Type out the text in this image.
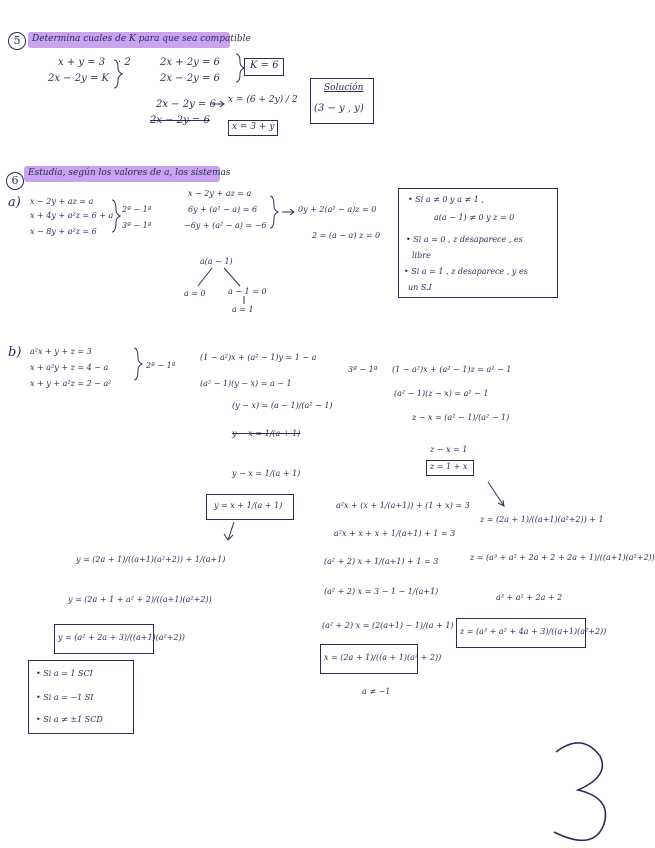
5	Determina cuales de K para que sea compatible
x + y = 3 · 2
2x − 2y = K
2x + 2y = 6
2x − 2y = 6
K = 6
Solución
(3 − y , y)
2x − 2y = 6
2x − 2y = 6
x = (6 + 2y) / 2
x = 3 + y
6
Estudia, según los valores de a, los sistemas
a) x − 2y + az = a
x + 4y + a²z = 6 + a
x − 8y + a²z = 6
2ª − 1ª
3ª − 1ª
x − 2y + az = a
6y + (a² − a) = 6
−6y + (a² − a) = −6
0y + 2(a² − a)z = 0
2 = (a − a) z = 0
a(a − 1)
a = 0	a − 1 = 0
a = 1
• Si a ≠ 0 y a ≠ 1 ,
a(a − 1) ≠ 0 y z = 0
• Si a = 0 , z desaparece , es
libre
• Si a = 1 , z desaparece , y es
un S.I
b) a²x + y + z = 3
x + a²y + z = 4 − a
x + y + a²z = 2 − a²
2ª − 1ª
(1 − a²)x + (a² − 1)y = 1 − a
(a² − 1)(y − x) = a − 1
(y − x) = (a − 1)/(a² − 1)
y − x = 1/(a + 1)
y − x = 1/(a + 1)
y = x + 1/(a + 1)
3ª − 1ª (1 − a²)x + (a² − 1)z = a² − 1
(a² − 1)(z − x) = a² − 1
z − x = (a² − 1)/(a² − 1)
z − x = 1
z = 1 + x
a²x + (x + 1/(a+1)) + (1 + x) = 3
a²x + x + x + 1/(a+1) + 1 = 3
(a² + 2) x + 1/(a+1) + 1 = 3
(a² + 2) x = 3 − 1 − 1/(a+1)
(a² + 2) x = (2(a+1) − 1)/(a + 1)
x = (2a + 1)/((a + 1)(a² + 2))
a ≠ −1
y = (2a + 1)/((a+1)(a²+2)) + 1/(a+1)
y = (2a + 1 + a² + 2)/((a+1)(a²+2))
y = (a² + 2a + 3)/((a+1)(a²+2))
z = (2a + 1)/((a+1)(a²+2)) + 1
z = (a³ + a² + 2a + 2 + 2a + 1)/((a+1)(a²+2))
a³ + a² + 2a + 2
z = (a³ + a² + 4a + 3)/((a+1)(a²+2))
• Si a = 1 SCI
• Si a = −1 SI
• Si a ≠ ±1 SCD
